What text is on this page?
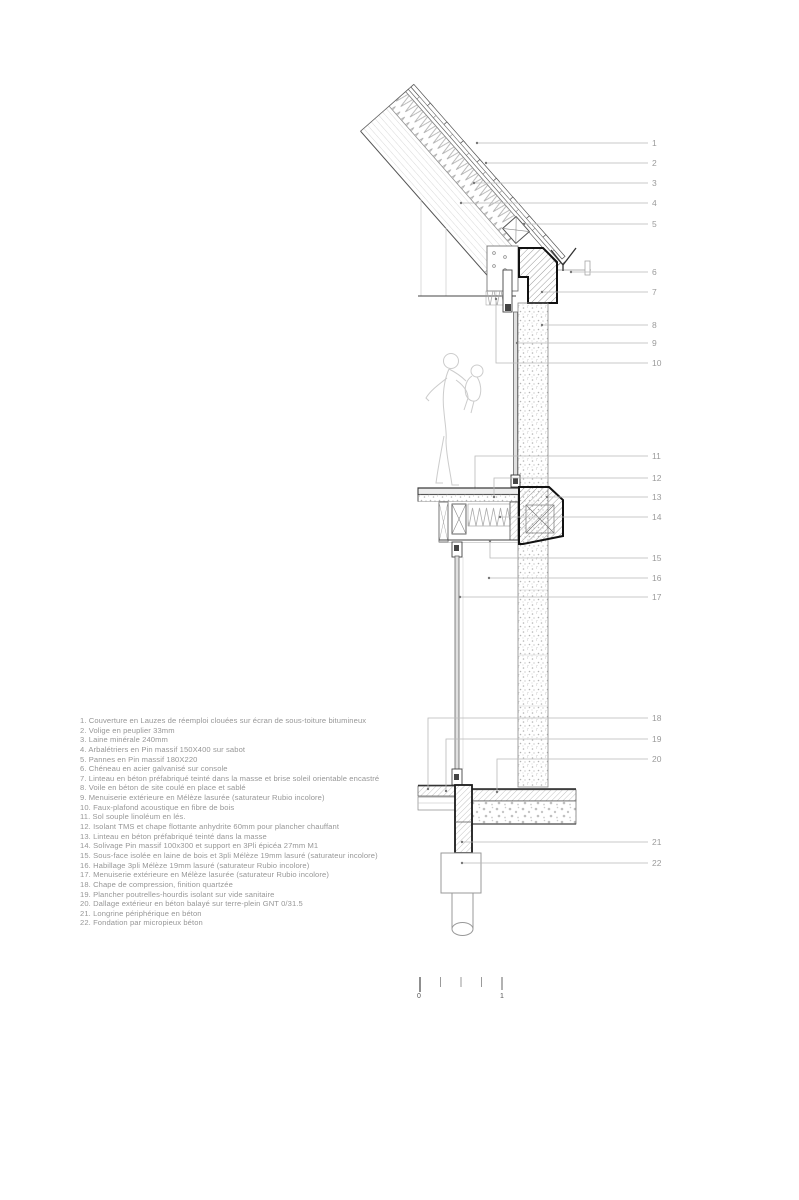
1. Couverture en Lauzes de réemploi clouées sur écran de sous-toiture bitumineux
2. Volige en peuplier 33mm
3. Laine minérale 240mm
4. Arbalétriers en Pin massif 150X400 sur sabot
5. Pannes en Pin massif 180X220
6. Chéneau en acier galvanisé sur console
7. Linteau en béton préfabriqué teinté dans la masse et brise soleil orientable encastré
8. Voile en béton de site coulé en place et sablé
9. Menuiserie extérieure en Mélèze lasurée (saturateur Rubio incolore)
10. Faux-plafond acoustique en fibre de bois
11. Sol souple linoléum en lés.
12. Isolant TMS et chape flottante anhydrite 60mm pour plancher chauffant
13. Linteau en béton préfabriqué teinté dans la masse
14. Solivage Pin massif 100x300 et support en 3Pli épicéa 27mm M1
15. Sous-face isolée en laine de bois et 3pli Mélèze 19mm lasuré (saturateur incolore)
16. Habillage 3pli Mélèze 19mm lasuré (saturateur Rubio incolore)
17. Menuiserie extérieure en Mélèze lasurée (saturateur Rubio incolore)
18. Chape de compression, finition quartzée
19. Plancher poutrelles-hourdis isolant sur vide sanitaire
20. Dallage extérieur en béton balayé sur terre-plein GNT 0/31.5
21. Longrine périphérique en béton
22. Fondation par micropieux béton
1
2
3
4
5
6
7
8
9
10
11
12
13
14
15
16
17
18
19
20
21
22
0	1
